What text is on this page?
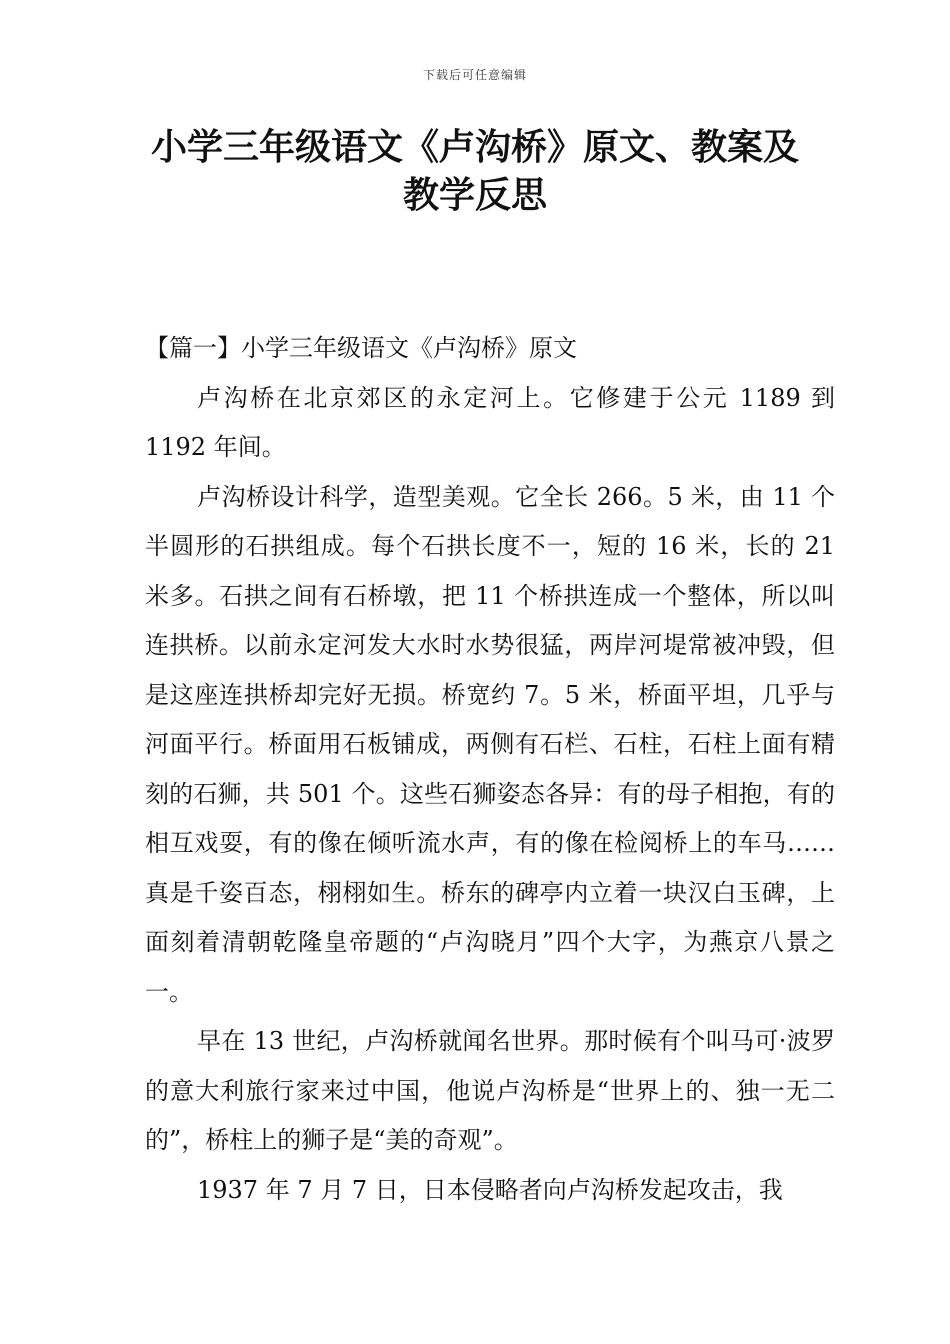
下载后可任意编辑
小学三年级语文《卢沟桥》原文、教案及
教学反思
【篇一】小学三年级语文《卢沟桥》原文

卢沟桥在北京郊区的永定河上。它修建于公元 1189 到 1192 年间。

卢沟桥设计科学，造型美观。它全长 266。5 米，由 11 个半圆形的石拱组成。每个石拱长度不一，短的 16 米，长的 21 米多。石拱之间有石桥墩，把 11 个桥拱连成一个整体，所以叫连拱桥。以前永定河发大水时水势很猛，两岸河堤常被冲毁，但是这座连拱桥却完好无损。桥宽约 7。5 米，桥面平坦，几乎与河面平行。桥面用石板铺成，两侧有石栏、石柱，石柱上面有精刻的石狮，共 501 个。这些石狮姿态各异：有的母子相抱，有的相互戏耍，有的像在倾听流水声，有的像在检阅桥上的车马……真是千姿百态，栩栩如生。桥东的碑亭内立着一块汉白玉碑，上面刻着清朝乾隆皇帝题的“卢沟晓月”四个大字，为燕京八景之一。

早在 13 世纪，卢沟桥就闻名世界。那时候有个叫马可·波罗的意大利旅行家来过中国，他说卢沟桥是“世界上的、独一无二的”，桥柱上的狮子是“美的奇观”。

1937 年 7 月 7 日，日本侵略者向卢沟桥发起攻击，我
